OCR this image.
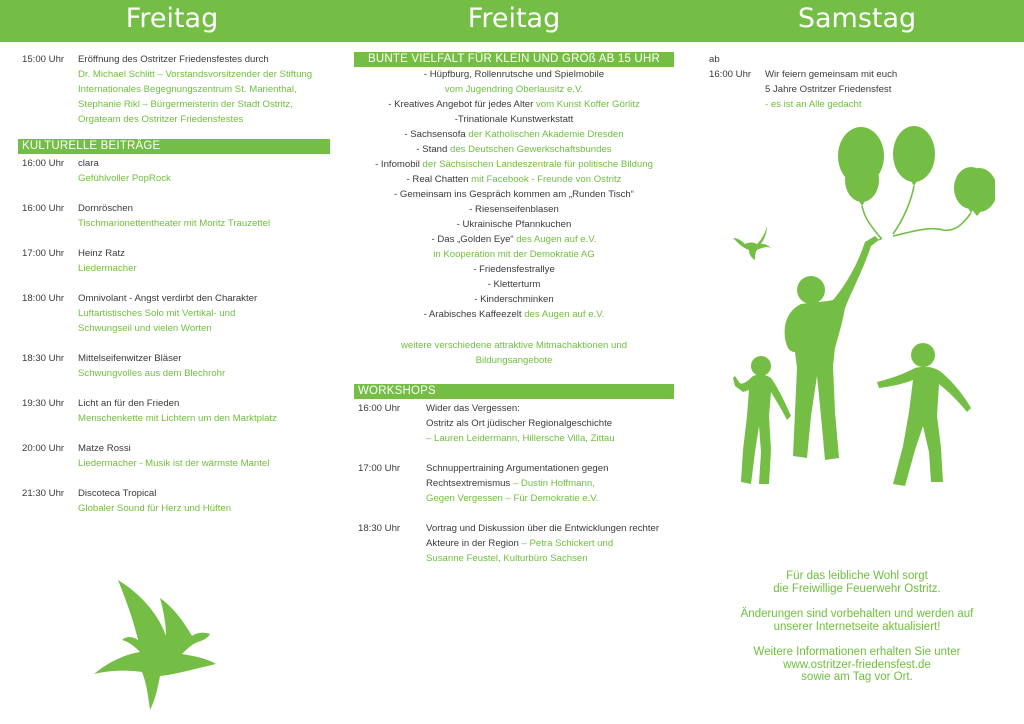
Freitag	Freitag	Samstag
15:00 Uhr	Eröffnung des Ostritzer Friedensfestes durch
Dr. Michael Schlitt – Vorstandsvorsitzender der Stiftung
Internationales Begegnungszentrum St. Marienthal,
Stephanie Rikl – Bürgermeisterin der Stadt Ostritz,
Orgateam des Ostritzer Friedensfestes
KULTURELLE BEITRÄGE
16:00 Uhr	clara
Gefühlvoller PopRock
16:00 Uhr	Dornröschen
Tischmarionettentheater mit Moritz Trauzettel
17:00 Uhr	Heinz Ratz
Liedermacher
18:00 Uhr	Omnivolant - Angst verdirbt den Charakter
Luftartistisches Solo mit Vertikal- und
Schwungseil und vielen Worten
18:30 Uhr	Mittelseifenwitzer Bläser
Schwungvolles aus dem Blechrohr
19:30 Uhr	Licht an für den Frieden
Menschenkette mit Lichtern um den Marktplatz
20:00 Uhr	Matze Rossi
Liedermacher - Musik ist der wärmste Mantel
21:30 Uhr	Discoteca Tropical
Globaler Sound für Herz und Hüften
BUNTE VIELFALT FÜR KLEIN UND GROß AB 15 UHR
- Hüpfburg, Rollenrutsche und Spielmobile
vom Jugendring Oberlausitz e.V.
- Kreatives Angebot für jedes Alter vom Kunst Koffer Görlitz
-Trinationale Kunstwerkstatt
- Sachsensofa der Katholischen Akademie Dresden
- Stand des Deutschen Gewerkschaftsbundes
- Infomobil der Sächsischen Landeszentrale für politische Bildung
- Real Chatten mit Facebook - Freunde von Ostritz
- Gemeinsam ins Gespräch kommen am „Runden Tisch“
- Riesenseifenblasen
- Ukrainische Pfannkuchen
- Das „Golden Eye“ des Augen auf e.V.
in Kooperation mit der Demokratie AG
- Friedensfestrallye
- Kletterturm
- Kinderschminken
- Arabisches Kaffeezelt des Augen auf e.V.
weitere verschiedene attraktive Mitmachaktionen und
Bildungsangebote
WORKSHOPS
16:00 Uhr	Wider das Vergessen:
Ostritz als Ort jüdischer Regionalgeschichte
– Lauren Leidermann, Hillersche Villa, Zittau
17:00 Uhr	Schnuppertraining Argumentationen gegen
Rechtsextremismus – Dustin Hoffmann,
Gegen Vergessen – Für Demokratie e.V.
18:30 Uhr	Vortrag und Diskussion über die Entwicklungen rechter
Akteure in der Region – Petra Schickert und
Susanne Feustel, Kulturbüro Sachsen
ab
16:00 Uhr	Wir feiern gemeinsam mit euch
5 Jahre Ostritzer Friedensfest
- es ist an Alle gedacht

Für das leibliche Wohl sorgt
die Freiwillige Feuerwehr Ostritz.

Änderungen sind vorbehalten und werden auf
unserer Internetseite aktualisiert!

Weitere Informationen erhalten Sie unter
www.ostritzer-friedensfest.de
sowie am Tag vor Ort.
